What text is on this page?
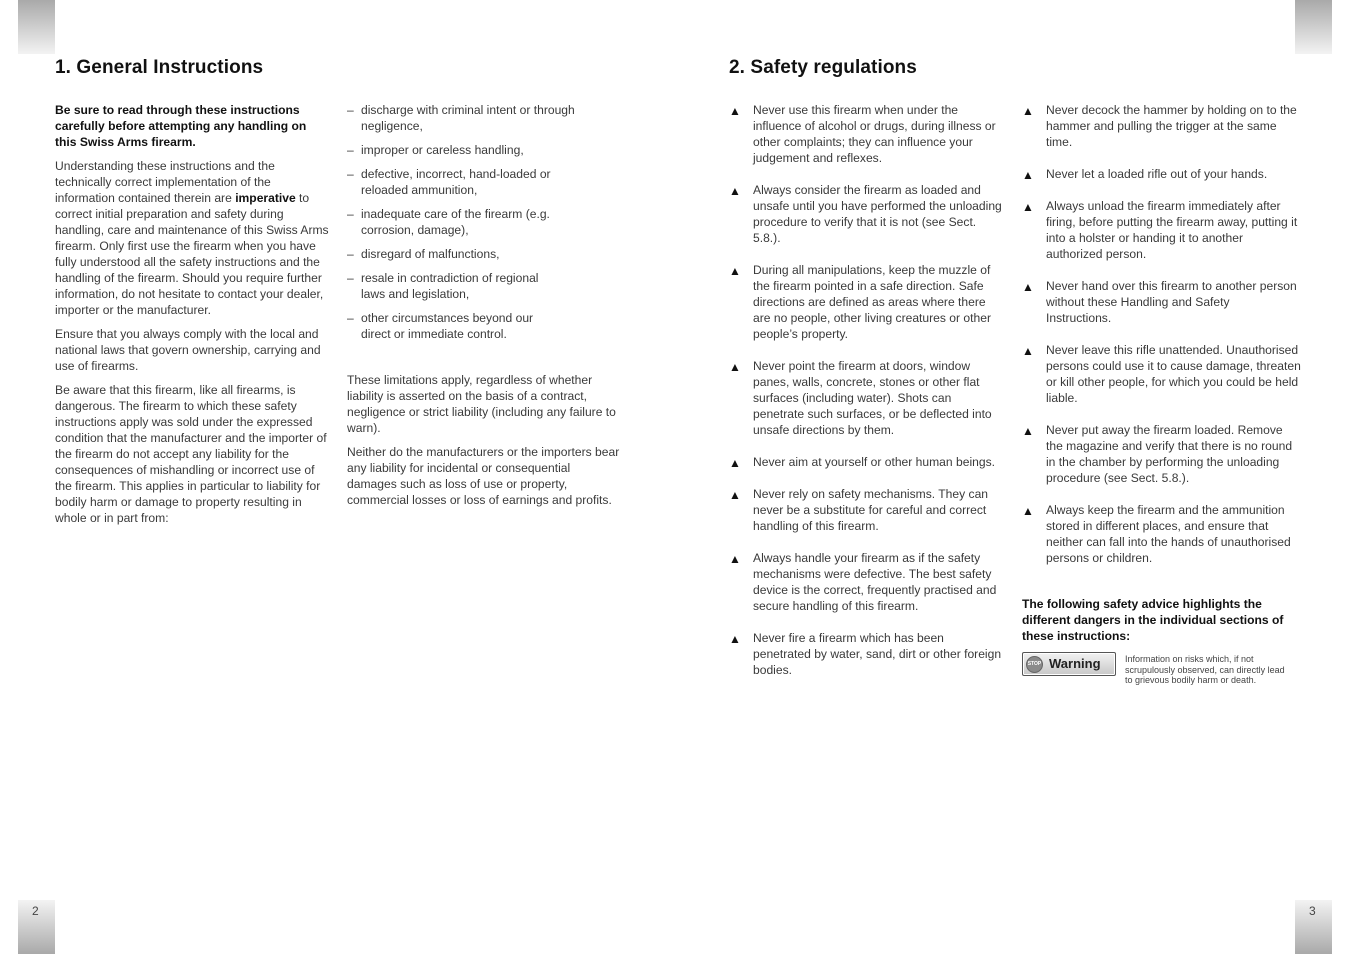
2	3
1. General Instructions

Be sure to read through these instructions carefully before attempting any handling on this Swiss Arms firearm.

Understanding these instructions and the technically correct implementation of the information contained therein are imperative to correct initial preparation and safety during handling, care and maintenance of this Swiss Arms firearm. Only first use the firearm when you have fully understood all the safety instructions and the handling of the firearm. Should you require further information, do not hesitate to contact your dealer, importer or the manufacturer.

Ensure that you always comply with the local and national laws that govern ownership, carrying and use of firearms.

Be aware that this firearm, like all firearms, is dangerous. The firearm to which these safety instructions apply was sold under the expressed condition that the manufacturer and the importer of the firearm do not accept any liability for the consequences of mishandling or incorrect use of the firearm. This applies in particular to liability for bodily harm or damage to property resulting in whole or in part from:

– discharge with criminal intent or through negligence,
– improper or careless handling,
– defective, incorrect, hand-loaded or reloaded ammunition,
– inadequate care of the firearm (e.g. corrosion, damage),
– disregard of malfunctions,
– resale in contradiction of regional laws and legislation,
– other circumstances beyond our direct or immediate control.

These limitations apply, regardless of whether liability is asserted on the basis of a contract, negligence or strict liability (including any failure to warn).

Neither do the manufacturers or the importers bear any liability for incidental or consequential damages such as loss of use or property, commercial losses or loss of earnings and profits.

2. Safety regulations
▲ Never use this firearm when under the influence of alcohol or drugs, during illness or other complaints; they can influence your judgement and reflexes.
▲ Always consider the firearm as loaded and unsafe until you have performed the unloading procedure to verify that it is not (see Sect. 5.8.).
▲ During all manipulations, keep the muzzle of the firearm pointed in a safe direction. Safe directions are defined as areas where there are no people, other living creatures or other people’s property.
▲ Never point the firearm at doors, window panes, walls, concrete, stones or other flat surfaces (including water). Shots can penetrate such surfaces, or be deflected into unsafe directions by them.
▲ Never aim at yourself or other human beings.
▲ Never rely on safety mechanisms. They can never be a substitute for careful and correct handling of this firearm.
▲ Always handle your firearm as if the safety mechanisms were defective. The best safety device is the correct, frequently practised and secure handling of this firearm.
▲ Never fire a firearm which has been penetrated by water, sand, dirt or other foreign bodies.
▲ Never decock the hammer by holding on to the hammer and pulling the trigger at the same time.
▲ Never let a loaded rifle out of your hands.
▲ Always unload the firearm immediately after firing, before putting the firearm away, putting it into a holster or handing it to another authorized person.
▲ Never hand over this firearm to another person without these Handling and Safety Instructions.
▲ Never leave this rifle unattended. Unauthorised persons could use it to cause damage, threaten or kill other people, for which you could be held liable.
▲ Never put away the firearm loaded. Remove the magazine and verify that there is no round in the chamber by performing the unloading procedure (see Sect. 5.8.).
▲ Always keep the firearm and the ammunition stored in different places, and ensure that neither can fall into the hands of unauthorised persons or children.

The following safety advice highlights the different dangers in the individual sections of these instructions:

STOP Warning	Information on risks which, if not scrupulously observed, can directly lead to grievous bodily harm or death.
